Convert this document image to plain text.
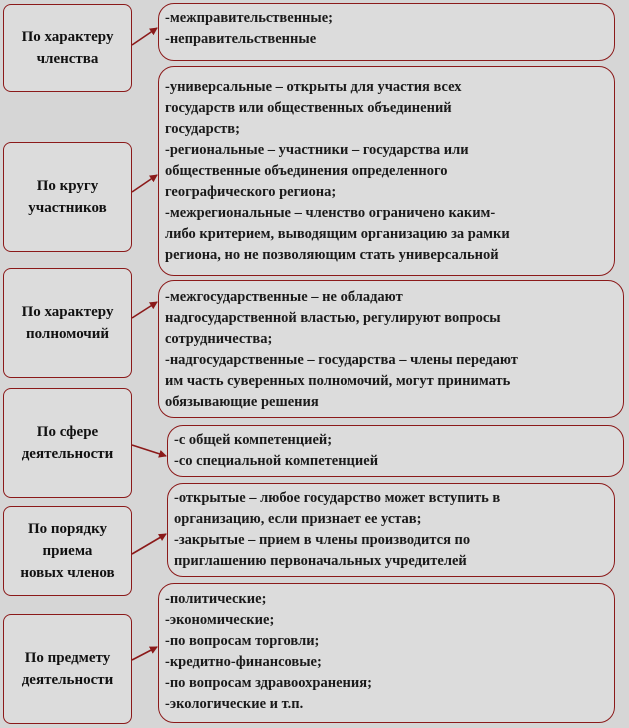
По характеру
членства
По кругу
участников
По характеру
полномочий
По сфере
деятельности
По порядку
приема
новых членов
По предмету
деятельности
-межправительственные;
-неправительственные
-универсальные – открыты для участия всех
государств или общественных объединений
государств;
-региональные – участники – государства или
общественные объединения определенного
географического региона;
-межрегиональные – членство ограничено каким-
либо критерием, выводящим организацию за рамки
региона, но не позволяющим стать универсальной
-межгосударственные – не обладают
надгосударственной властью, регулируют вопросы
сотрудничества;
-надгосударственные – государства – члены передают
им часть суверенных полномочий, могут принимать
обязывающие решения
-с общей компетенцией;
-со специальной компетенцией
-открытые – любое государство может вступить в
организацию, если признает ее устав;
-закрытые – прием в члены производится по
приглашению первоначальных учредителей
-политические;
-экономические;
-по вопросам торговли;
-кредитно-финансовые;
-по вопросам здравоохранения;
-экологические и т.п.
